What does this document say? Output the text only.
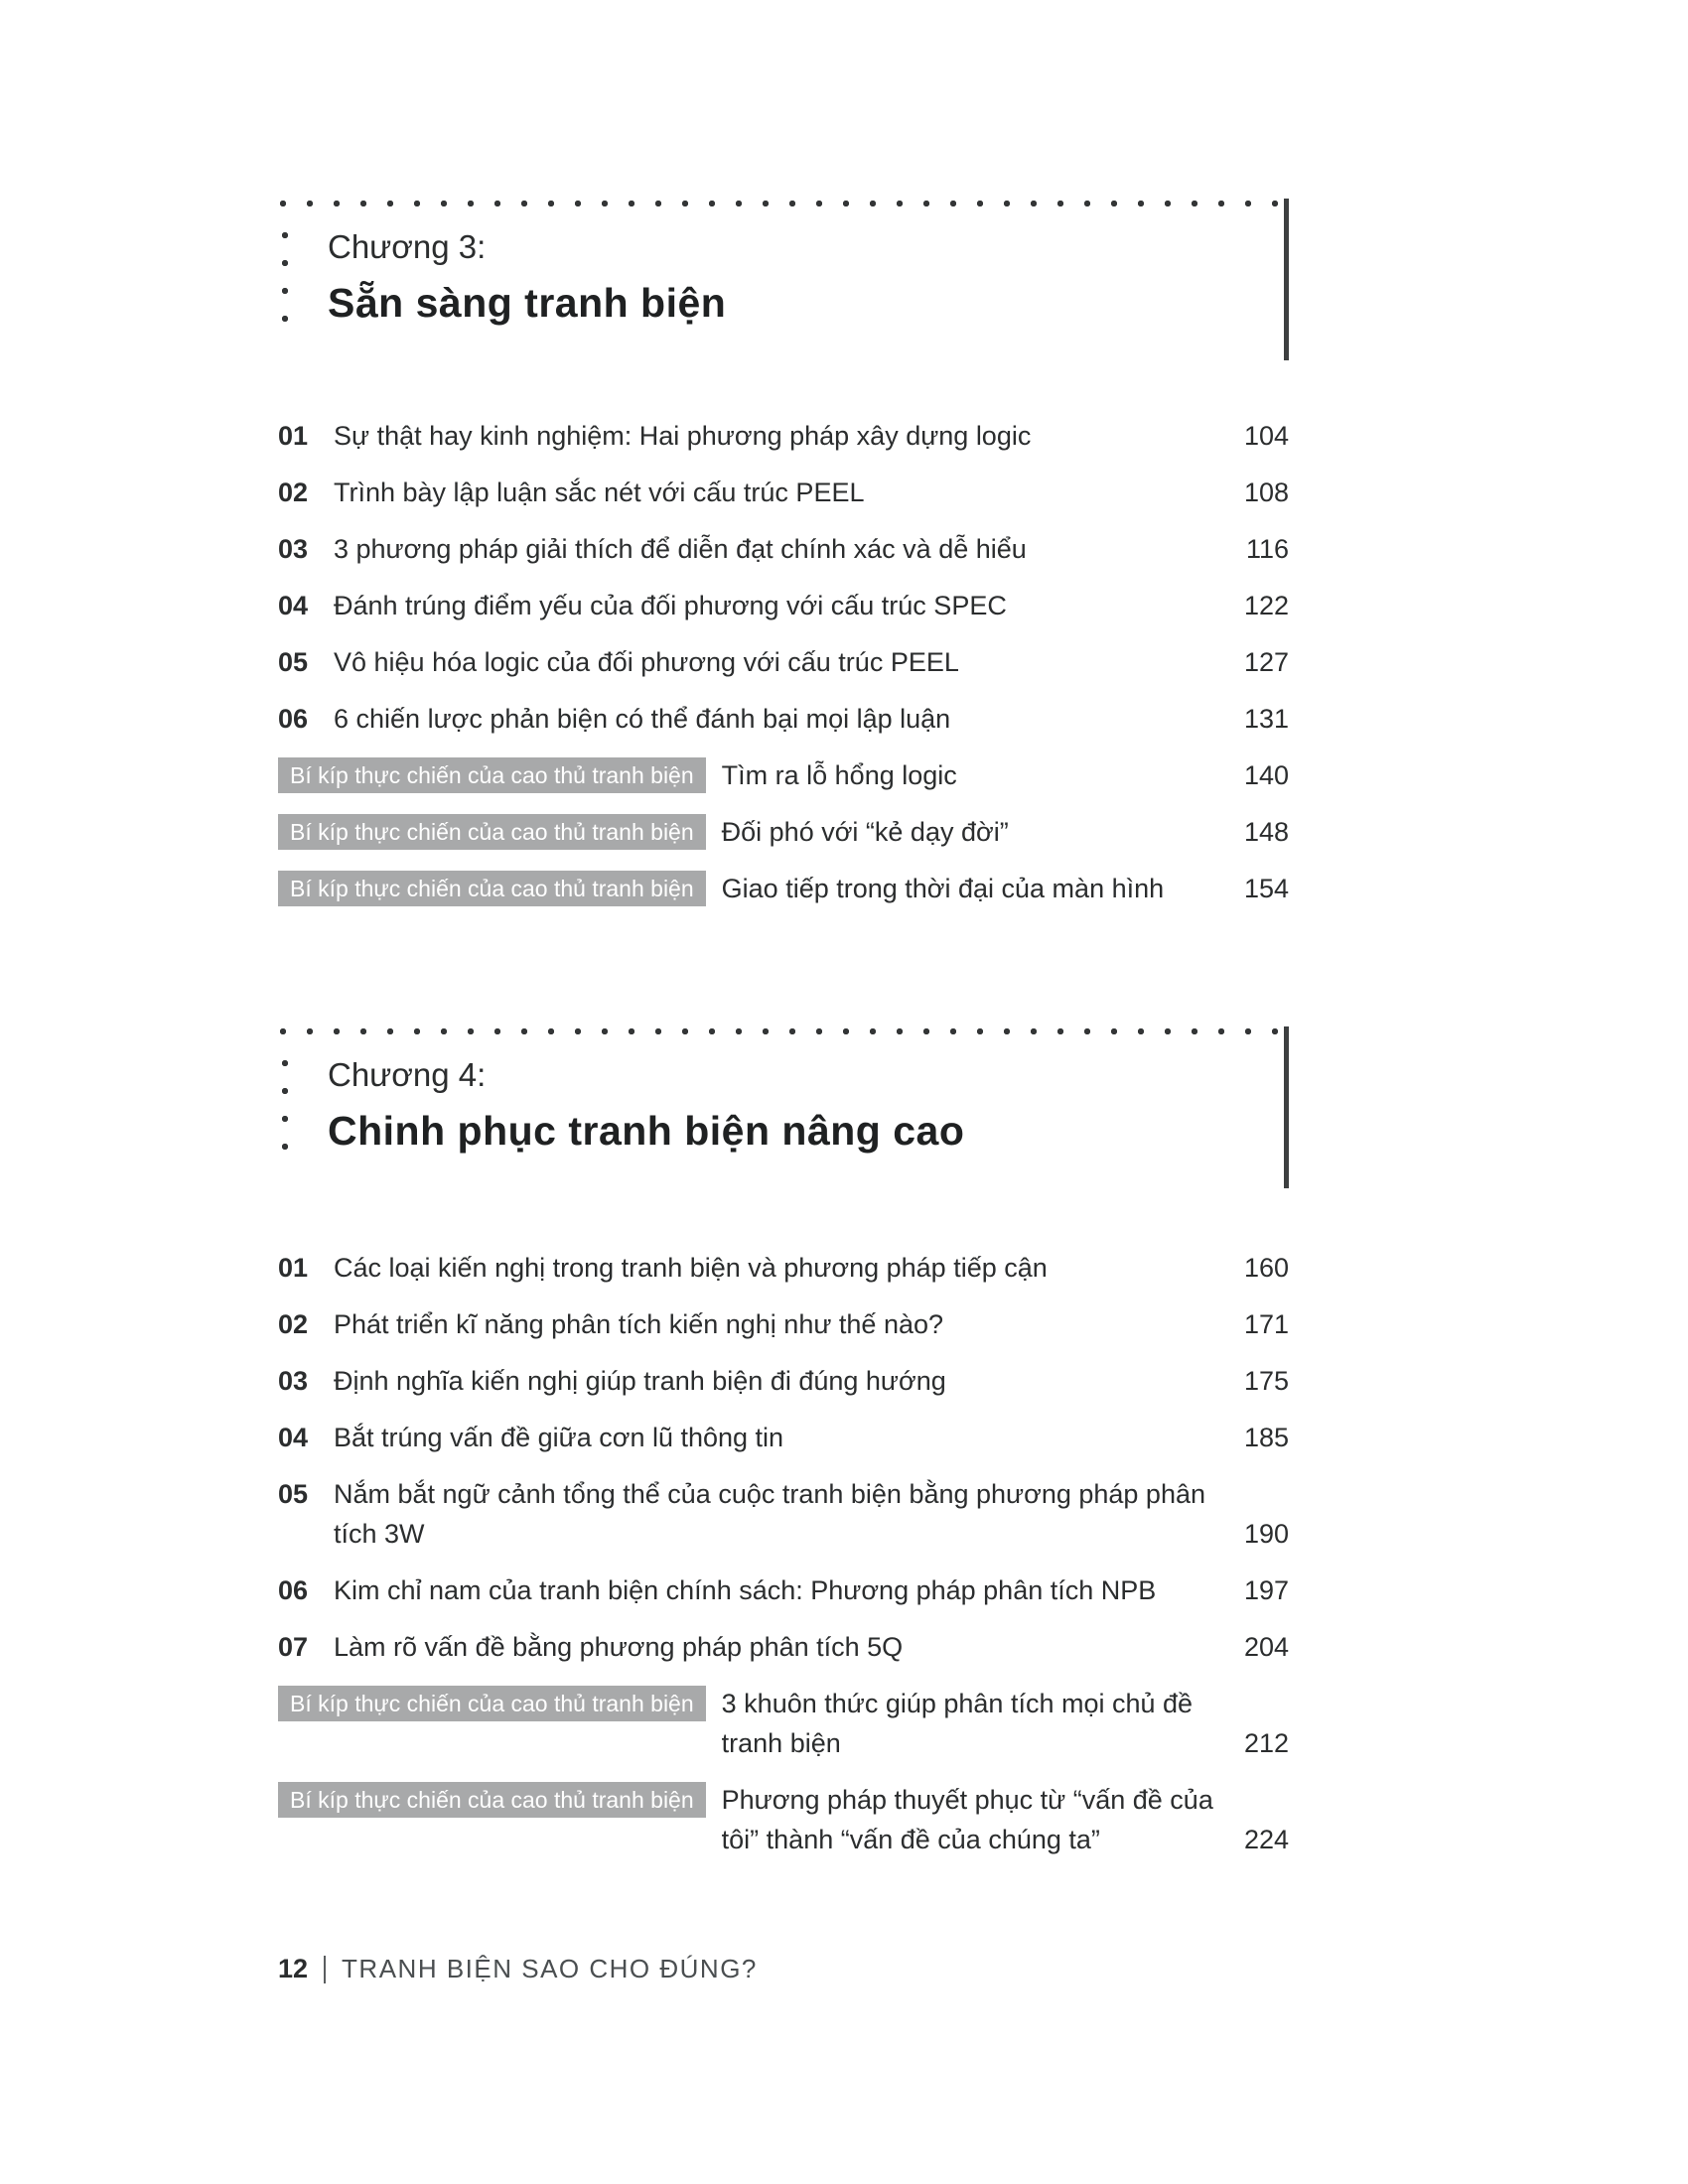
Chương 3:
Sẵn sàng tranh biện
01 Sự thật hay kinh nghiệm: Hai phương pháp xây dựng logic	104
02 Trình bày lập luận sắc nét với cấu trúc PEEL	108
03 3 phương pháp giải thích để diễn đạt chính xác và dễ hiểu	116
04 Đánh trúng điểm yếu của đối phương với cấu trúc SPEC	122
05 Vô hiệu hóa logic của đối phương với cấu trúc PEEL	127
06 6 chiến lược phản biện có thể đánh bại mọi lập luận	131
Bí kíp thực chiến của cao thủ tranh biện	Tìm ra lỗ hổng logic	140
Bí kíp thực chiến của cao thủ tranh biện	Đối phó với “kẻ dạy đời”	148
Bí kíp thực chiến của cao thủ tranh biện	Giao tiếp trong thời đại của màn hình	154
Chương 4:
Chinh phục tranh biện nâng cao
01 Các loại kiến nghị trong tranh biện và phương pháp tiếp cận	160
02 Phát triển kĩ năng phân tích kiến nghị như thế nào?	171
03 Định nghĩa kiến nghị giúp tranh biện đi đúng hướng	175
04 Bắt trúng vấn đề giữa cơn lũ thông tin	185
05 Nắm bắt ngữ cảnh tổng thể của cuộc tranh biện bằng phương pháp phân tích 3W	190
06 Kim chỉ nam của tranh biện chính sách: Phương pháp phân tích NPB	197
07 Làm rõ vấn đề bằng phương pháp phân tích 5Q	204
Bí kíp thực chiến của cao thủ tranh biện	3 khuôn thức giúp phân tích mọi chủ đề tranh biện	212
Bí kíp thực chiến của cao thủ tranh biện	Phương pháp thuyết phục từ “vấn đề của tôi” thành “vấn đề của chúng ta”	224
12 TRANH BIỆN SAO CHO ĐÚNG?
